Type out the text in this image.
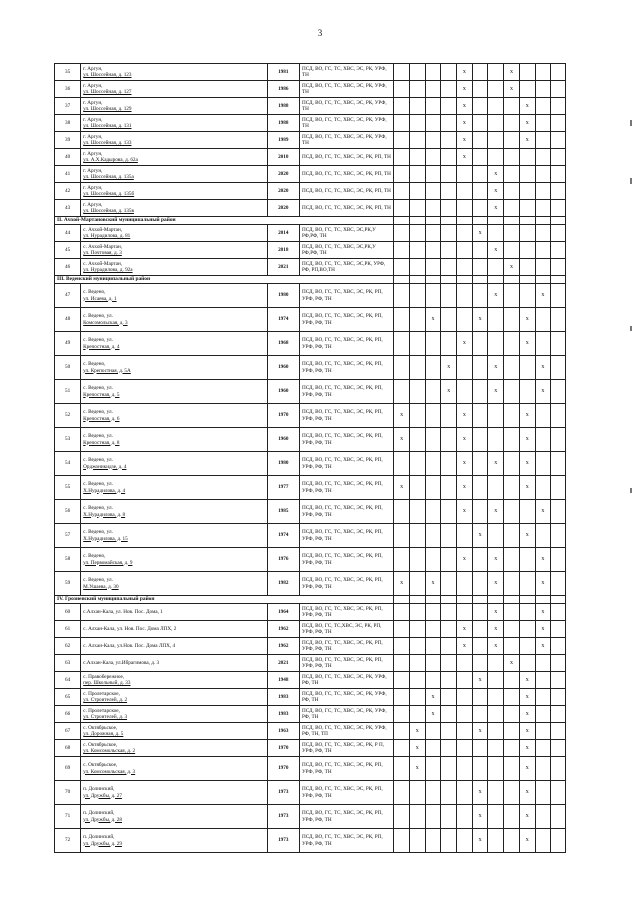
3
35	г. Аргун,
ул. Шоссейная, д. 123	1981	ПСД, ВО, ГС, ТС, ХВС, ЭС, РК, УРФ, ТН					x			x			
36	г. Аргун,
ул. Шоссейная, д. 127	1986	ПСД, ВО, ГС, ТС, ХВС, ЭС, РК, УРФ, ТН					x			x			
37	г. Аргун,
ул. Шоссейная, д. 129	1988	ПСД, ВО, ГС, ТС, ХВС, ЭС, РК, УРФ, ТН					x				x		
38	г. Аргун,
ул. Шоссейная, д. 131	1988	ПСД, ВО, ГС, ТС, ХВС, ЭС, РК, УРФ, ТН					x				x		
39	г. Аргун,
ул. Шоссейная, д. 133	1989	ПСД, ВО, ГС, ТС, ХВС, ЭС, РК, УРФ, ТН					x				x		
40	г. Аргун,
ул. А.Х.Кадырова, д. 62а	2010	ПСД, ВО, ГС, ТС, ХВС, ЭС, РК, РП, ТН					x						
41	г. Аргун,
ул. Шоссейная, д. 135а	2020	ПСД, ВО, ГС, ТС, ХВС, ЭС, РК, РП, ТН							x				
42	г. Аргун,
ул. Шоссейная, д. 135б	2020	ПСД, ВО, ГС, ТС, ХВС, ЭС, РК, РП, ТН							x				
43	г. Аргун,
ул. Шоссейная, д. 135в	2020	ПСД, ВО, ГС, ТС, ХВС, ЭС, РК, РП, ТН							x				
II. Ачхой-Мартановский муниципальный район														
44	с. Ачхой-Мартан,
ул. Нурадилова, д. 81	2014	ПСД, ВО, ГС, ТС, ХВС, ЭС,РК,У РФ,РФ, ТН						x					
45	с. Ачхой-Мартан,
ул. Почтовая, д. 3	2018	ПСД, ВО, ГС, ТС, ХВС, ЭС,РК,У РФ,РФ, ТН							x				
46	с. Ачхой-Мартан,
ул. Нурадилова, д. 92а	2021	ПСД, ВО, ГС, ТС, ХВС, ЭС,РК, УРФ, РФ, РП,ВО,ТН								x			
III. Веденский муниципальный район														
47	с. Ведено,
ул. Исаева, д. 1	1980	ПСД, ВО, ГС, ТС, ХВС, ЭС, РК, РП, УРФ, РФ, ТН							x			x	
48	с. Ведено, ул.
Комсомольская, д. 3	1974	ПСД, ВО, ГС, ТС, ХВС, ЭС, РК, РП, УРФ, РФ, ТН			x			x			x		
49	с. Ведено, ул.
Крепостная, д. 4	1968	ПСД, ВО, ГС, ТС, ХВС, ЭС, РК, РП, УРФ, РФ, ТН					x				x		
50	с. Ведено,
ул. Крепостная, д. 5А	1960	ПСД, ВО, ГС, ТС, ХВС, ЭС, РК, РП, УРФ, РФ, ТН				x			x			x	
51	с. Ведено, ул.
Крепостная, д. 5	1960	ПСД, ВО, ГС, ТС, ХВС, ЭС, РК, РП, УРФ, РФ, ТН				x			x			x	
52	с. Ведено, ул.
Крепостная, д. 6	1970	ПСД, ВО, ГС, ТС, ХВС, ЭС, РК, РП, УРФ, РФ, ТН	x				x				x		
53	с. Ведено, ул.
Крепостная, д. 8	1960	ПСД, ВО, ГС, ТС, ХВС, ЭС, РК, РП, УРФ, РФ, ТН	x				x				x		
54	с. Ведено, ул.
Орджоникидзе, д. 4	1980	ПСД, ВО, ГС, ТС, ХВС, ЭС, РК, РП, УРФ, РФ, ТН					x		x		x		
55	с. Ведено, ул.
Х.Нурадилова, д. 4	1977	ПСД, ВО, ГС, ТС, ХВС, ЭС, РК, РП, УРФ, РФ, ТН	x				x				x		
56	с. Ведено, ул.
Х.Нурадилова, д. 8	1985	ПСД, ВО, ГС, ТС, ХВС, ЭС, РК, РП, УРФ, РФ, ТН					x		x			x	
57	с. Ведено, ул.
Х.Нурадилова, д. 15	1974	ПСД, ВО, ГС, ТС, ХВС, ЭС, РК, РП, УРФ, РФ, ТН						x			x		
58	с. Ведено,
ул. Первомайская, д. 9	1976	ПСД, ВО, ГС, ТС, ХВС, ЭС, РК, РП, УРФ, РФ, ТН					x		x			x	
59	с. Ведено, ул.
М.Ушаева, д. 30	1982	ПСД, ВО, ГС, ТС, ХВС, ЭС, РК, РП, УРФ, РФ, ТН	x		x				x			x	
IV. Грозненский муниципальный район														
60	с.Алхан-Кала, ул. Нов. Пос. Дома, 1	1964	ПСД, ВО, ГС, ТС, ХВС, ЭС, РК, РП, УРФ, РФ, ТН							x			x	
61	с. Алхан-Кала, ул. Нов. Пос. Дома ЛПХ, 2	1962	ПСД, ВО, ГС, ТС,ХВС, ЭС, РК, РП, УРФ, РФ, ТН					x		x			x	
62	с. Алхан-Кала, ул.Нов. Пос. Дома ЛПХ, 4	1962	ПСД, ВО, ГС, ТС, ХВС, ЭС, РК, РП, УРФ, РФ, ТН					x		x			x	
63	с.Алхан-Кала, ул.Ибрагимова, д. 3	2021	ПСД, ВО, ГС, ТС, ХВС, ЭС, РК, РП, УРФ, РФ, ТН								x			
64	с. Правобережное,
пер. Школьный, д. 33	1948	ПСД, ВО, ГС, ТС, ХВС, ЭС, РК, УРФ, РФ, ТН						x			x		
65	с. Пролетарское,
ул. Строителей, д. 2	1983	ПСД, ВО, ГС, ТС, ХВС, ЭС, РК, УРФ, РФ, ТН			x						x		
66	с. Пролетарское,
ул. Строителей, д. 3	1983	ПСД, ВО, ГС, ТС, ХВС, ЭС, РК, УРФ, РФ, ТН			x						x		
67	с. Октябрьское,
ул. Дорожная, д. 5	1963	ПСД, ВО, ГС, ТС, ХВС, ЭС, РК, УРФ, РФ, ТН, ТП		x				x			x		
68	с. Октябрьское,
ул. Комсомольская, д. 2	1970	ПСД, ВО, ГС, ТС, ХВС, ЭС, РК, Р П, УРФ, РФ, ТН		x							x		
69	с. Октябрьское,
ул. Комсомольская, д. 3	1970	ПСД, ВО, ГС, ТС, ХВС, ЭС, РК, РП, УРФ, РФ, ТН		x							x		
70	п. Долинский,
ул. Дружбы, д. 27	1973	ПСД, ВО, ГС, ТС, ХВС, ЭС, РК, РП, УРФ, РФ, ТН						x			x		
71	п. Долинский,
ул. Дружбы, д. 28	1973	ПСД, ВО, ГС, ТС, ХВС, ЭС, РК, РП, УРФ, РФ, ТН						x			x		
72	п. Долинский,
ул. Дружбы, д. 29	1973	ПСД, ВО, ГС, ТС, ХВС, ЭС, РК, РП, УРФ, РФ, ТН						x			x		
